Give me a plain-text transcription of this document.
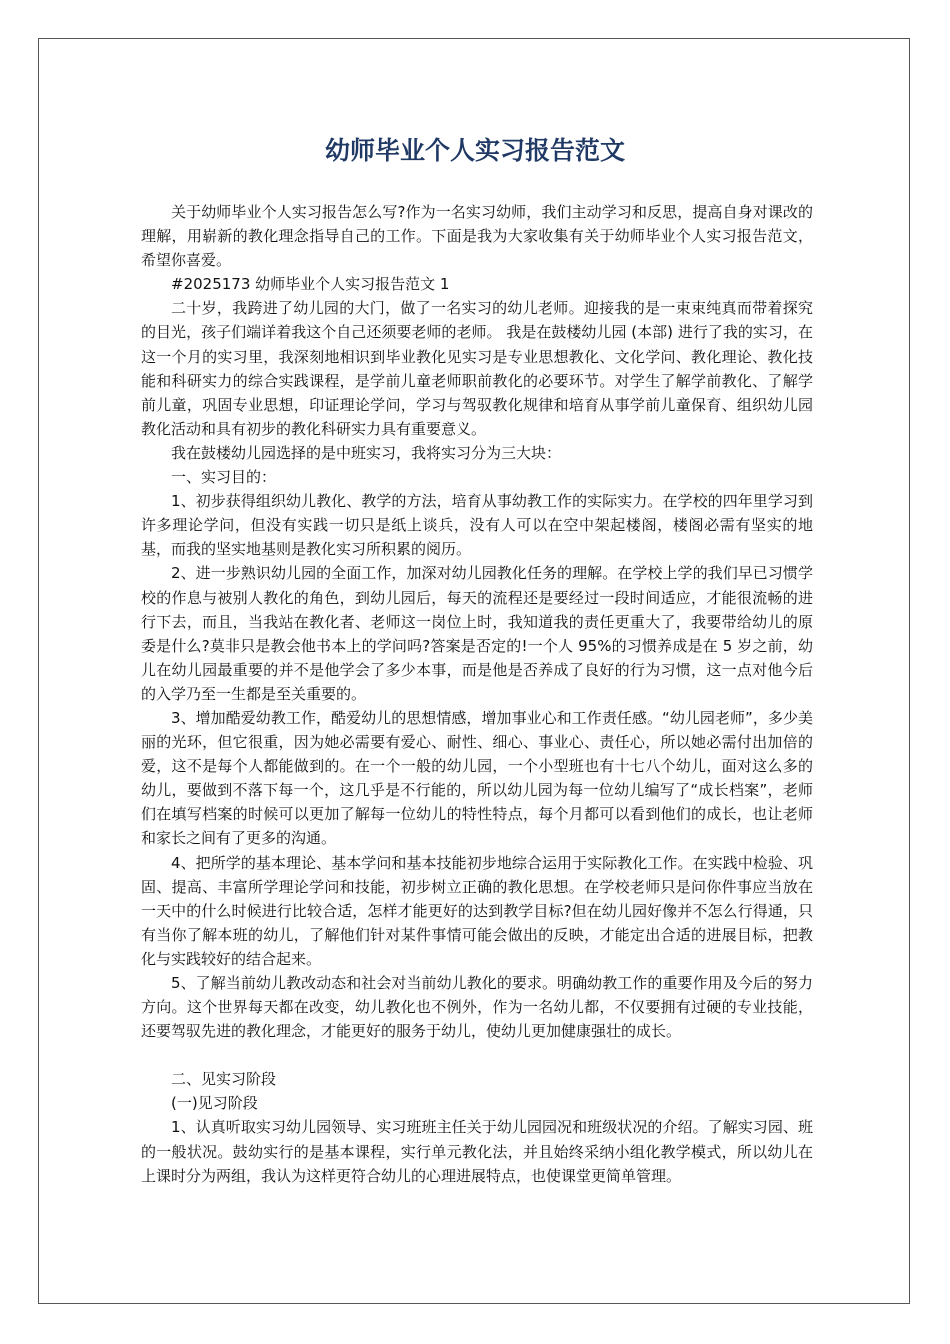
幼师毕业个人实习报告范文

关于幼师毕业个人实习报告怎么写?作为一名实习幼师，我们主动学习和反思，提高自身对课改的理解，用崭新的教化理念指导自己的工作。下面是我为大家收集有关于幼师毕业个人实习报告范文，希望你喜爱。

#2025173 幼师毕业个人实习报告范文 1

二十岁，我跨进了幼儿园的大门，做了一名实习的幼儿老师。迎接我的是一束束纯真而带着探究的目光，孩子们端详着我这个自己还须要老师的老师。 我是在鼓楼幼儿园 (本部) 进行了我的实习，在这一个月的实习里，我深刻地相识到毕业教化见实习是专业思想教化、文化学问、教化理论、教化技能和科研实力的综合实践课程，是学前儿童老师职前教化的必要环节。对学生了解学前教化、了解学前儿童，巩固专业思想，印证理论学问，学习与驾驭教化规律和培育从事学前儿童保育、组织幼儿园教化活动和具有初步的教化科研实力具有重要意义。

我在鼓楼幼儿园选择的是中班实习，我将实习分为三大块：

一、实习目的：

1、初步获得组织幼儿教化、教学的方法，培育从事幼教工作的实际实力。在学校的四年里学习到许多理论学问，但没有实践一切只是纸上谈兵，没有人可以在空中架起楼阁，楼阁必需有坚实的地基，而我的坚实地基则是教化实习所积累的阅历。

2、进一步熟识幼儿园的全面工作，加深对幼儿园教化任务的理解。在学校上学的我们早已习惯学校的作息与被别人教化的角色，到幼儿园后，每天的流程还是要经过一段时间适应，才能很流畅的进行下去，而且，当我站在教化者、老师这一岗位上时，我知道我的责任更重大了，我要带给幼儿的原委是什么?莫非只是教会他书本上的学问吗?答案是否定的!一个人 95%的习惯养成是在 5 岁之前，幼儿在幼儿园最重要的并不是他学会了多少本事，而是他是否养成了良好的行为习惯，这一点对他今后的入学乃至一生都是至关重要的。

3、增加酷爱幼教工作，酷爱幼儿的思想情感，增加事业心和工作责任感。“幼儿园老师”，多少美丽的光环，但它很重，因为她必需要有爱心、耐性、细心、事业心、责任心，所以她必需付出加倍的爱，这不是每个人都能做到的。在一个一般的幼儿园，一个小型班也有十七八个幼儿，面对这么多的幼儿，要做到不落下每一个，这几乎是不行能的，所以幼儿园为每一位幼儿编写了“成长档案”，老师们在填写档案的时候可以更加了解每一位幼儿的特性特点，每个月都可以看到他们的成长，也让老师和家长之间有了更多的沟通。

4、把所学的基本理论、基本学问和基本技能初步地综合运用于实际教化工作。在实践中检验、巩固、提高、丰富所学理论学问和技能，初步树立正确的教化思想。在学校老师只是问你件事应当放在一天中的什么时候进行比较合适，怎样才能更好的达到教学目标?但在幼儿园好像并不怎么行得通，只有当你了解本班的幼儿，了解他们针对某件事情可能会做出的反映，才能定出合适的进展目标，把教化与实践较好的结合起来。

5、了解当前幼儿教改动态和社会对当前幼儿教化的要求。明确幼教工作的重要作用及今后的努力方向。这个世界每天都在改变，幼儿教化也不例外，作为一名幼儿都，不仅要拥有过硬的专业技能，还要驾驭先进的教化理念，才能更好的服务于幼儿，使幼儿更加健康强壮的成长。

二、见实习阶段

(一)见习阶段

1、认真听取实习幼儿园领导、实习班班主任关于幼儿园园况和班级状况的介绍。了解实习园、班的一般状况。鼓幼实行的是基本课程，实行单元教化法，并且始终采纳小组化教学模式，所以幼儿在上课时分为两组，我认为这样更符合幼儿的心理进展特点，也使课堂更简单管理。
